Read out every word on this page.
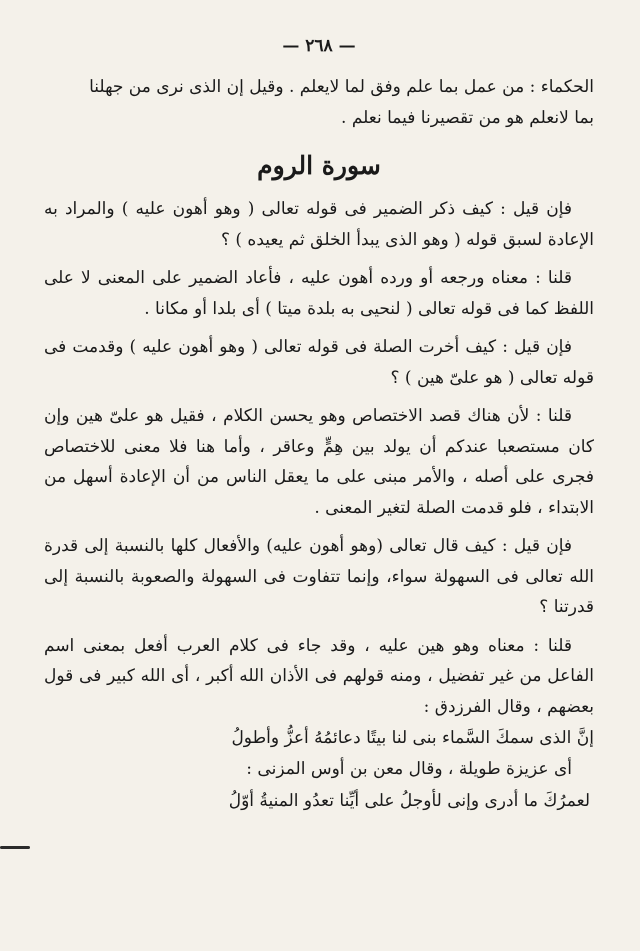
— ٢٦٨ —

الحكماء : من عمل بما علم وفق لما لايعلم . وقيل إن الذى نرى من جهلنا

بما لانعلم هو من تقصيرنا فيما نعلم .

سورة الروم

فإن قيل : كيف ذكر الضمير فى قوله تعالى ( وهو أهون عليه ) والمراد به الإعادة لسبق قوله ( وهو الذى يبدأ الخلق ثم يعيده ) ؟

قلنا : معناه ورجعه أو ورده أهون عليه ، فأعاد الضمير على المعنى لا على اللفظ كما فى قوله تعالى ( لنحيى به بلدة ميتا ) أى بلدا أو مكانا .

فإن قيل : كيف أخرت الصلة فى قوله تعالى ( وهو أهون عليه ) وقدمت فى قوله تعالى ( هو علىّ هين ) ؟

قلنا : لأن هناك قصد الاختصاص وهو يحسن الكلام ، فقيل هو علىّ هين وإن كان مستصعبا عندكم أن يولد بين هِمٍّ وعاقر ، وأما هنا فلا معنى للاختصاص فجرى على أصله ، والأمر مبنى على ما يعقل الناس من أن الإعادة أسهل من الابتداء ، فلو قدمت الصلة لتغير المعنى .

فإن قيل : كيف قال تعالى (وهو أهون عليه) والأفعال كلها بالنسبة إلى قدرة الله تعالى فى السهولة سواء، وإنما تتفاوت فى السهولة والصعوبة بالنسبة إلى قدرتنا ؟

قلنا : معناه وهو هين عليه ، وقد جاء فى كلام العرب أفعل بمعنى اسم الفاعل من غير تفضيل ، ومنه قولهم فى الأذان الله أكبر ، أى الله كبير فى قول بعضهم ، وقال الفرزدق :

إنَّ الذى سمكَ السَّماء بنى لنا بيتًا دعائمُهُ أعزُّ وأطولُ

أى عزيزة طويلة ، وقال معن بن أوس المزنى :

لعمرُكَ ما أدرى وإنى لأوجلُ على أيِّنا تعدُو المنيةُ أوّلُ
